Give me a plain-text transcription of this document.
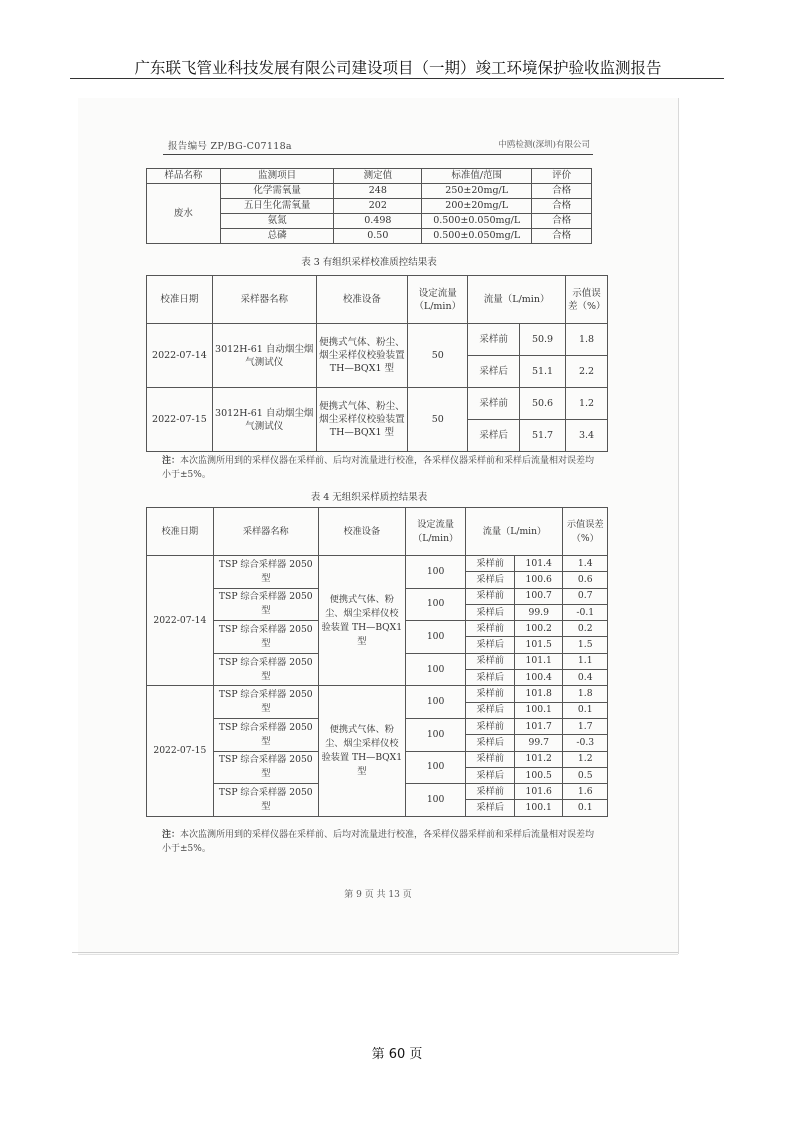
广东联飞管业科技发展有限公司建设项目（一期）竣工环境保护验收监测报告
报告编号 ZP/BG-C07118a	中鸥检测(深圳)有限公司
样品名称	监测项目	测定值	标准值/范围	评价
废水	化学需氧量	248	250±20mg/L	合格
	五日生化需氧量	202	200±20mg/L	合格
	氨氮	0.498	0.500±0.050mg/L	合格
	总磷	0.50	0.500±0.050mg/L	合格
表 3 有组织采样校准质控结果表
校准日期	采样器名称	校准设备	设定流量（L/min）	流量（L/min）		示值误差（%）
2022-07-14	3012H-61 自动烟尘烟气测试仪	便携式气体、粉尘、烟尘采样仪校验装置 TH—BQX1 型	50	采样前	50.9	1.8
				采样后	51.1	2.2
2022-07-15	3012H-61 自动烟尘烟气测试仪	便携式气体、粉尘、烟尘采样仪校验装置 TH—BQX1 型	50	采样前	50.6	1.2
				采样后	51.7	3.4
注：本次监测所用到的采样仪器在采样前、后均对流量进行校准，各采样仪器采样前和采样后流量相对误差均小于±5%。
表 4 无组织采样质控结果表
校准日期	采样器名称	校准设备	设定流量（L/min）	流量（L/min）		示值误差（%）
2022-07-14	TSP 综合采样器 2050 型	便携式气体、粉尘、烟尘采样仪校验装置 TH—BQX1 型	100	采样前	101.4	1.4
				采样后	100.6	0.6
	TSP 综合采样器 2050 型		100	采样前	100.7	0.7
				采样后	99.9	-0.1
	TSP 综合采样器 2050 型		100	采样前	100.2	0.2
				采样后	101.5	1.5
	TSP 综合采样器 2050 型		100	采样前	101.1	1.1
				采样后	100.4	0.4
2022-07-15	TSP 综合采样器 2050 型	便携式气体、粉尘、烟尘采样仪校验装置 TH—BQX1 型	100	采样前	101.8	1.8
				采样后	100.1	0.1
	TSP 综合采样器 2050 型		100	采样前	101.7	1.7
				采样后	99.7	-0.3
	TSP 综合采样器 2050 型		100	采样前	101.2	1.2
				采样后	100.5	0.5
	TSP 综合采样器 2050 型		100	采样前	101.6	1.6
				采样后	100.1	0.1
注：本次监测所用到的采样仪器在采样前、后均对流量进行校准，各采样仪器采样前和采样后流量相对误差均小于±5%。
第 9 页 共 13 页
第 60 页
